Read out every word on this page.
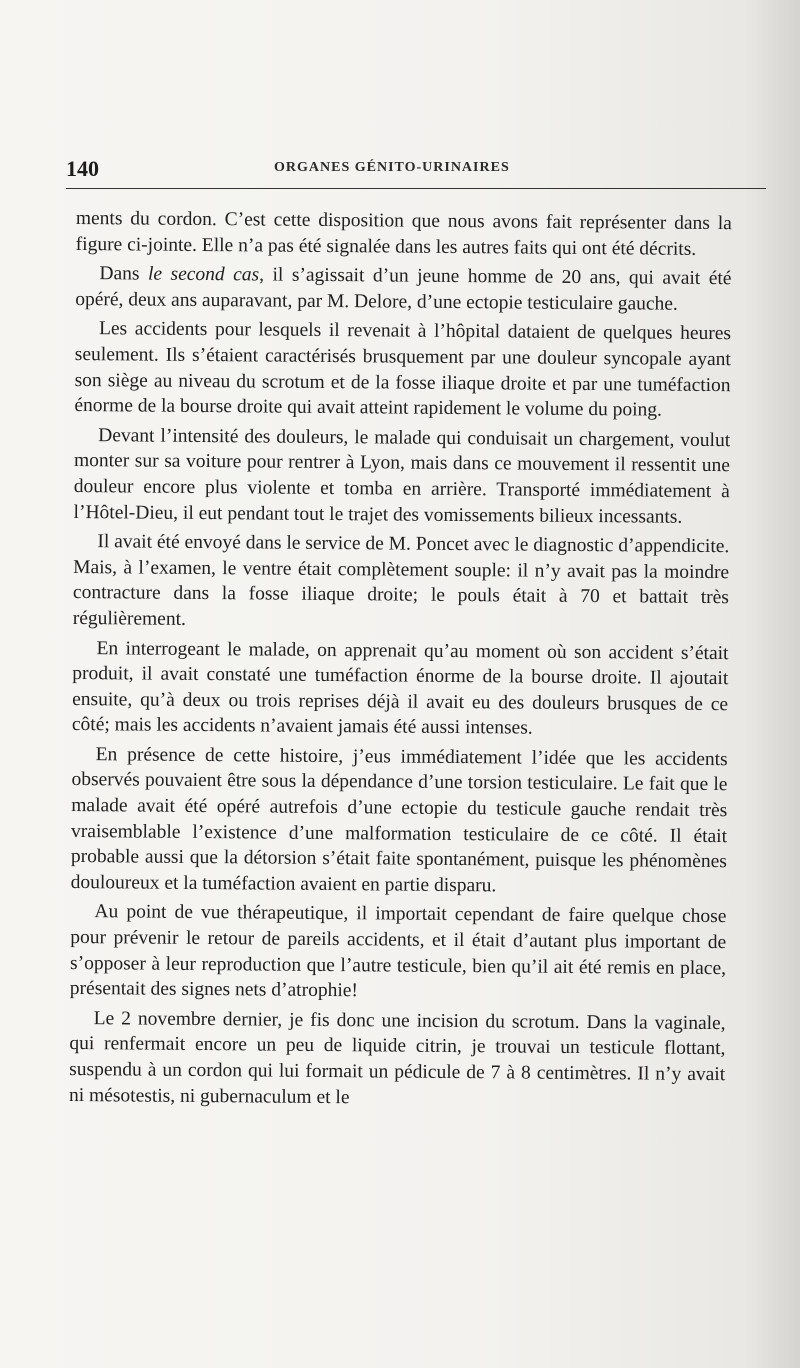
140	ORGANES GÉNITO-URINAIRES

ments du cordon. C’est cette disposition que nous avons fait représenter dans la figure ci-jointe. Elle n’a pas été signalée dans les autres faits qui ont été décrits.

Dans le second cas, il s’agissait d’un jeune homme de 20 ans, qui avait été opéré, deux ans auparavant, par M. Delore, d’une ectopie testiculaire gauche.

Les accidents pour lesquels il revenait à l’hôpital dataient de quelques heures seulement. Ils s’étaient caractérisés brusquement par une douleur syncopale ayant son siège au niveau du scrotum et de la fosse iliaque droite et par une tuméfaction énorme de la bourse droite qui avait atteint rapidement le volume du poing.

Devant l’intensité des douleurs, le malade qui conduisait un chargement, voulut monter sur sa voiture pour rentrer à Lyon, mais dans ce mouvement il ressentit une douleur encore plus violente et tomba en arrière. Transporté immédiatement à l’Hôtel-Dieu, il eut pendant tout le trajet des vomissements bilieux incessants.

Il avait été envoyé dans le service de M. Poncet avec le diagnostic d’appendicite. Mais, à l’examen, le ventre était complètement souple: il n’y avait pas la moindre contracture dans la fosse iliaque droite; le pouls était à 70 et battait très régulièrement.

En interrogeant le malade, on apprenait qu’au moment où son accident s’était produit, il avait constaté une tuméfaction énorme de la bourse droite. Il ajoutait ensuite, qu’à deux ou trois reprises déjà il avait eu des douleurs brusques de ce côté; mais les accidents n’avaient jamais été aussi intenses.

En présence de cette histoire, j’eus immédiatement l’idée que les accidents observés pouvaient être sous la dépendance d’une torsion testiculaire. Le fait que le malade avait été opéré autrefois d’une ectopie du testicule gauche rendait très vraisemblable l’existence d’une malformation testiculaire de ce côté. Il était probable aussi que la détorsion s’était faite spontanément, puisque les phénomènes douloureux et la tuméfaction avaient en partie disparu.

Au point de vue thérapeutique, il importait cependant de faire quelque chose pour prévenir le retour de pareils accidents, et il était d’autant plus important de s’opposer à leur reproduction que l’autre testicule, bien qu’il ait été remis en place, présentait des signes nets d’atrophie!

Le 2 novembre dernier, je fis donc une incision du scrotum. Dans la vaginale, qui renfermait encore un peu de liquide citrin, je trouvai un testicule flottant, suspendu à un cordon qui lui formait un pédicule de 7 à 8 centimètres. Il n’y avait ni mésotestis, ni gubernaculum et le
